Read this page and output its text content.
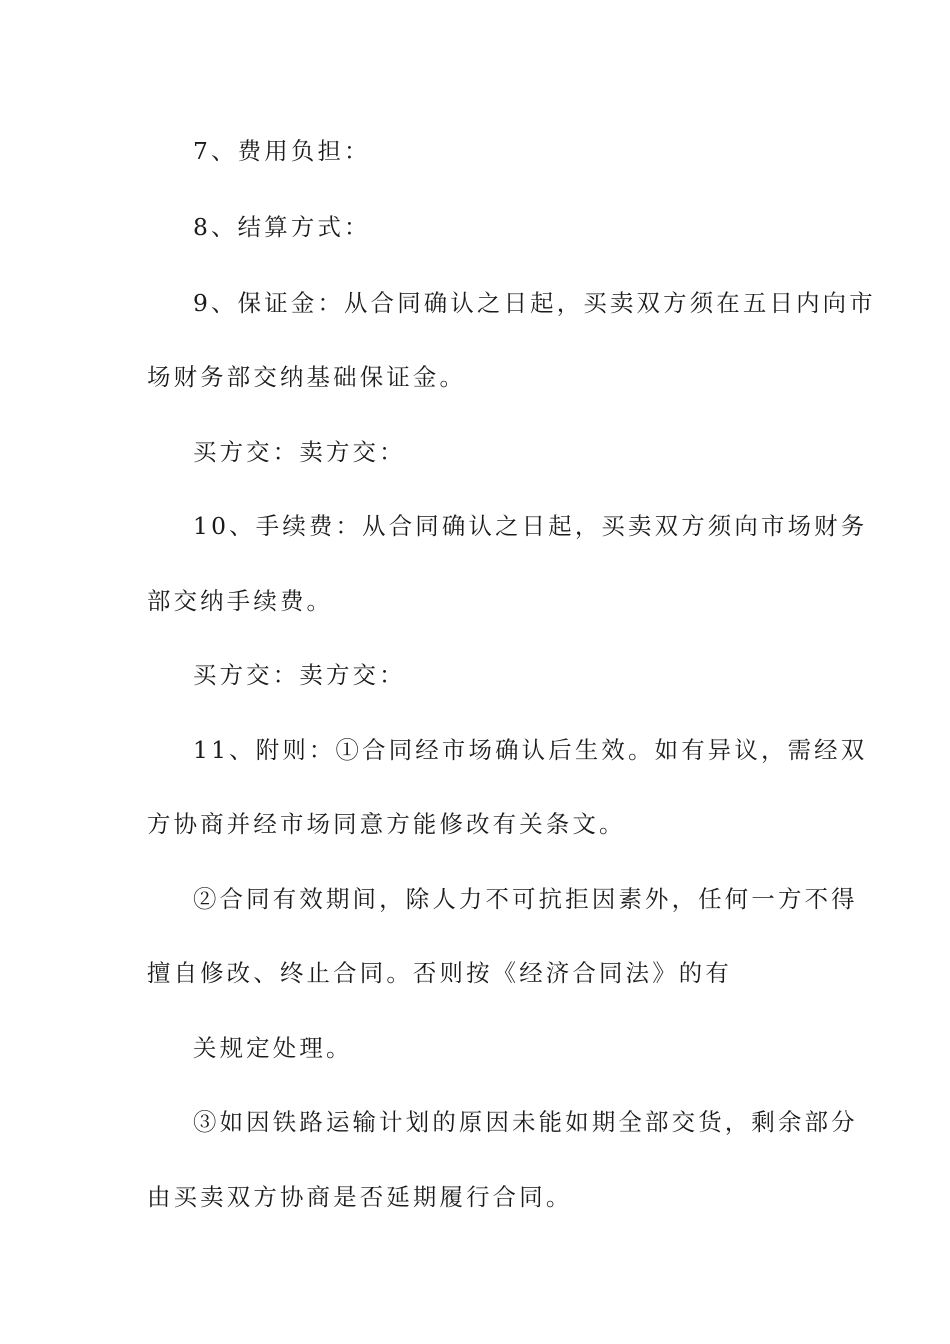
7、费用负担：
8、结算方式：
9、保证金：从合同确认之日起，买卖双方须在五日内向市
场财务部交纳基础保证金。
买方交：卖方交：
10、手续费：从合同确认之日起，买卖双方须向市场财务
部交纳手续费。
买方交：卖方交：
11、附则：①合同经市场确认后生效。如有异议，需经双
方协商并经市场同意方能修改有关条文。
②合同有效期间，除人力不可抗拒因素外，任何一方不得
擅自修改、终止合同。否则按《经济合同法》的有
关规定处理。
③如因铁路运输计划的原因未能如期全部交货，剩余部分
由买卖双方协商是否延期履行合同。
